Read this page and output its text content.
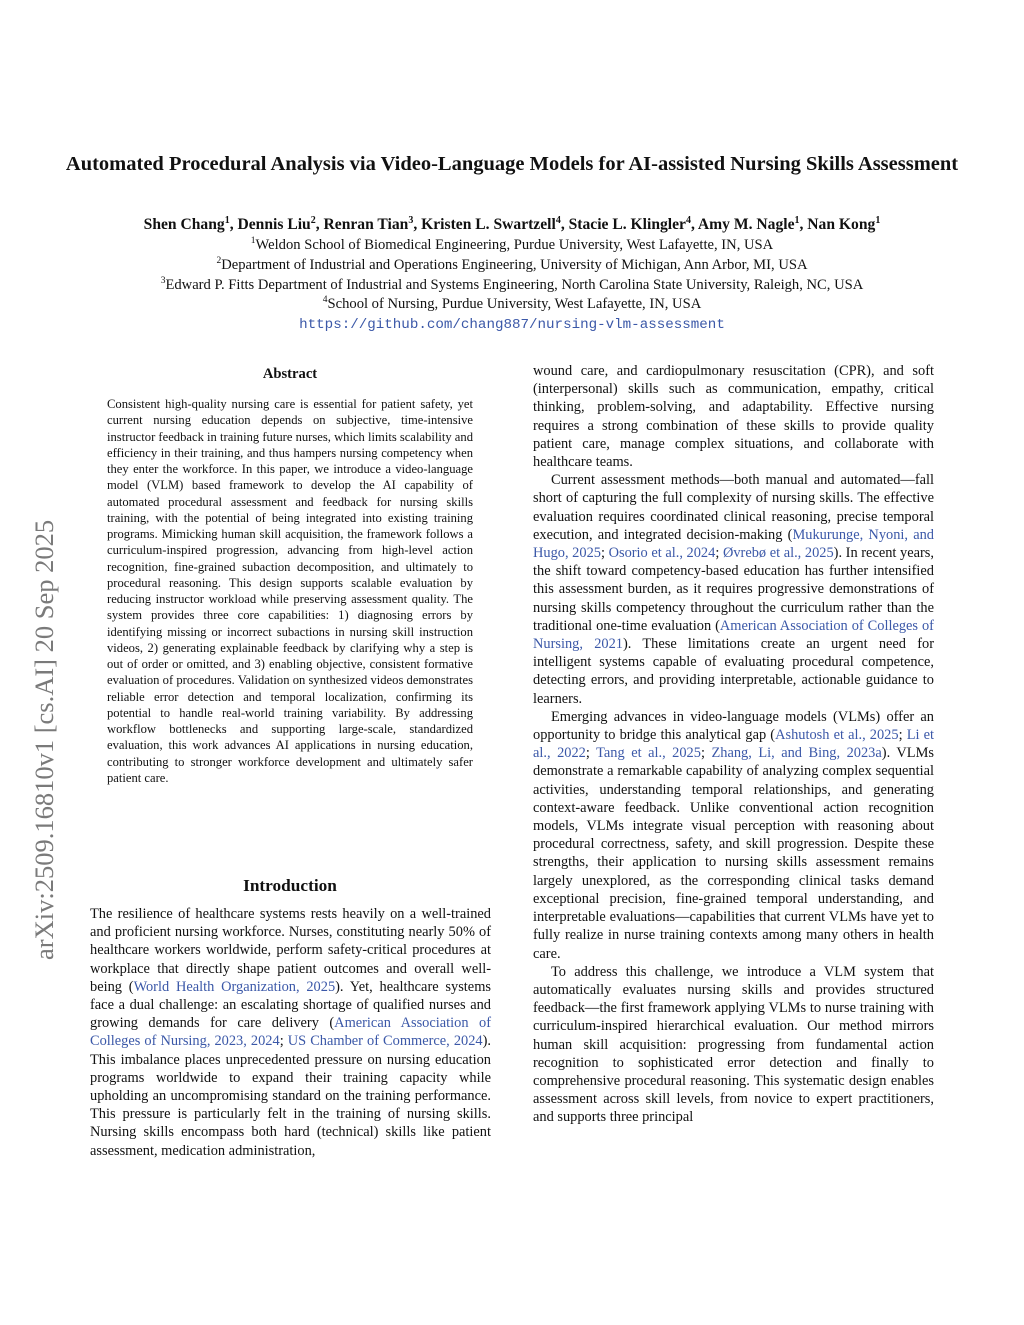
Automated Procedural Analysis via Video-Language Models for AI-assisted Nursing Skills Assessment
Shen Chang$^1$, Dennis Liu$^2$, Renran Tian$^3$, Kristen L. Swartzell$^4$, Stacie L. Klingler$^4$, Amy M. Nagle$^1$, Nan Kong$^1$
$^1$Weldon School of Biomedical Engineering, Purdue University, West Lafayette, IN, USA
$^2$Department of Industrial and Operations Engineering, University of Michigan, Ann Arbor, MI, USA
$^3$Edward P. Fitts Department of Industrial and Systems Engineering, North Carolina State University, Raleigh, NC, USA
$^4$School of Nursing, Purdue University, West Lafayette, IN, USA
https://github.com/chang887/nursing-vlm-assessment
arXiv:2509.16810v1 [cs.AI] 20 Sep 2025
Abstract
Consistent high-quality nursing care is essential for patient safety, yet current nursing education depends on subjective, time-intensive instructor feedback in training future nurses, which limits scalability and efficiency in their training, and thus hampers nursing competency when they enter the workforce. In this paper, we introduce a video-language model (VLM) based framework to develop the AI capability of automated procedural assessment and feedback for nursing skills training, with the potential of being integrated into existing training programs. Mimicking human skill acquisition, the framework follows a curriculum-inspired progression, advancing from high-level action recognition, fine-grained subaction decomposition, and ultimately to procedural reasoning. This design supports scalable evaluation by reducing instructor workload while preserving assessment quality. The system provides three core capabilities: 1) diagnosing errors by identifying missing or incorrect subactions in nursing skill instruction videos, 2) generating explainable feedback by clarifying why a step is out of order or omitted, and 3) enabling objective, consistent formative evaluation of procedures. Validation on synthesized videos demonstrates reliable error detection and temporal localization, confirming its potential to handle real-world training variability. By addressing workflow bottlenecks and supporting large-scale, standardized evaluation, this work advances AI applications in nursing education, contributing to stronger workforce development and ultimately safer patient care.
Introduction

The resilience of healthcare systems rests heavily on a well-trained and proficient nursing workforce. Nurses, constituting nearly 50% of healthcare workers worldwide, perform safety-critical procedures at workplace that directly shape patient outcomes and overall well-being (World Health Organization, 2025). Yet, healthcare systems face a dual challenge: an escalating shortage of qualified nurses and growing demands for care delivery (American Association of Colleges of Nursing, 2023, 2024; US Chamber of Commerce, 2024). This imbalance places unprecedented pressure on nursing education programs worldwide to expand their training capacity while upholding an uncompromising standard on the training performance. This pressure is particularly felt in the training of nursing skills. Nursing skills encompass both hard (technical) skills like patient assessment, medication administration,

wound care, and cardiopulmonary resuscitation (CPR), and soft (interpersonal) skills such as communication, empathy, critical thinking, problem-solving, and adaptability. Effective nursing requires a strong combination of these skills to provide quality patient care, manage complex situations, and collaborate with healthcare teams.

Current assessment methods—both manual and automated—fall short of capturing the full complexity of nursing skills. The effective evaluation requires coordinated clinical reasoning, precise temporal execution, and integrated decision-making (Mukurunge, Nyoni, and Hugo, 2025; Osorio et al., 2024; Øvrebø et al., 2025). In recent years, the shift toward competency-based education has further intensified this assessment burden, as it requires progressive demonstrations of nursing skills competency throughout the curriculum rather than the traditional one-time evaluation (American Association of Colleges of Nursing, 2021). These limitations create an urgent need for intelligent systems capable of evaluating procedural competence, detecting errors, and providing interpretable, actionable guidance to learners.

Emerging advances in video-language models (VLMs) offer an opportunity to bridge this analytical gap (Ashutosh et al., 2025; Li et al., 2022; Tang et al., 2025; Zhang, Li, and Bing, 2023a). VLMs demonstrate a remarkable capability of analyzing complex sequential activities, understanding temporal relationships, and generating context-aware feedback. Unlike conventional action recognition models, VLMs integrate visual perception with reasoning about procedural correctness, safety, and skill progression. Despite these strengths, their application to nursing skills assessment remains largely unexplored, as the corresponding clinical tasks demand exceptional precision, fine-grained temporal understanding, and interpretable evaluations—capabilities that current VLMs have yet to fully realize in nurse training contexts among many others in health care.

To address this challenge, we introduce a VLM system that automatically evaluates nursing skills and provides structured feedback—the first framework applying VLMs to nurse training with curriculum-inspired hierarchical evaluation. Our method mirrors human skill acquisition: progressing from fundamental action recognition to sophisticated error detection and finally to comprehensive procedural reasoning. This systematic design enables assessment across skill levels, from novice to expert practitioners, and supports three principal
